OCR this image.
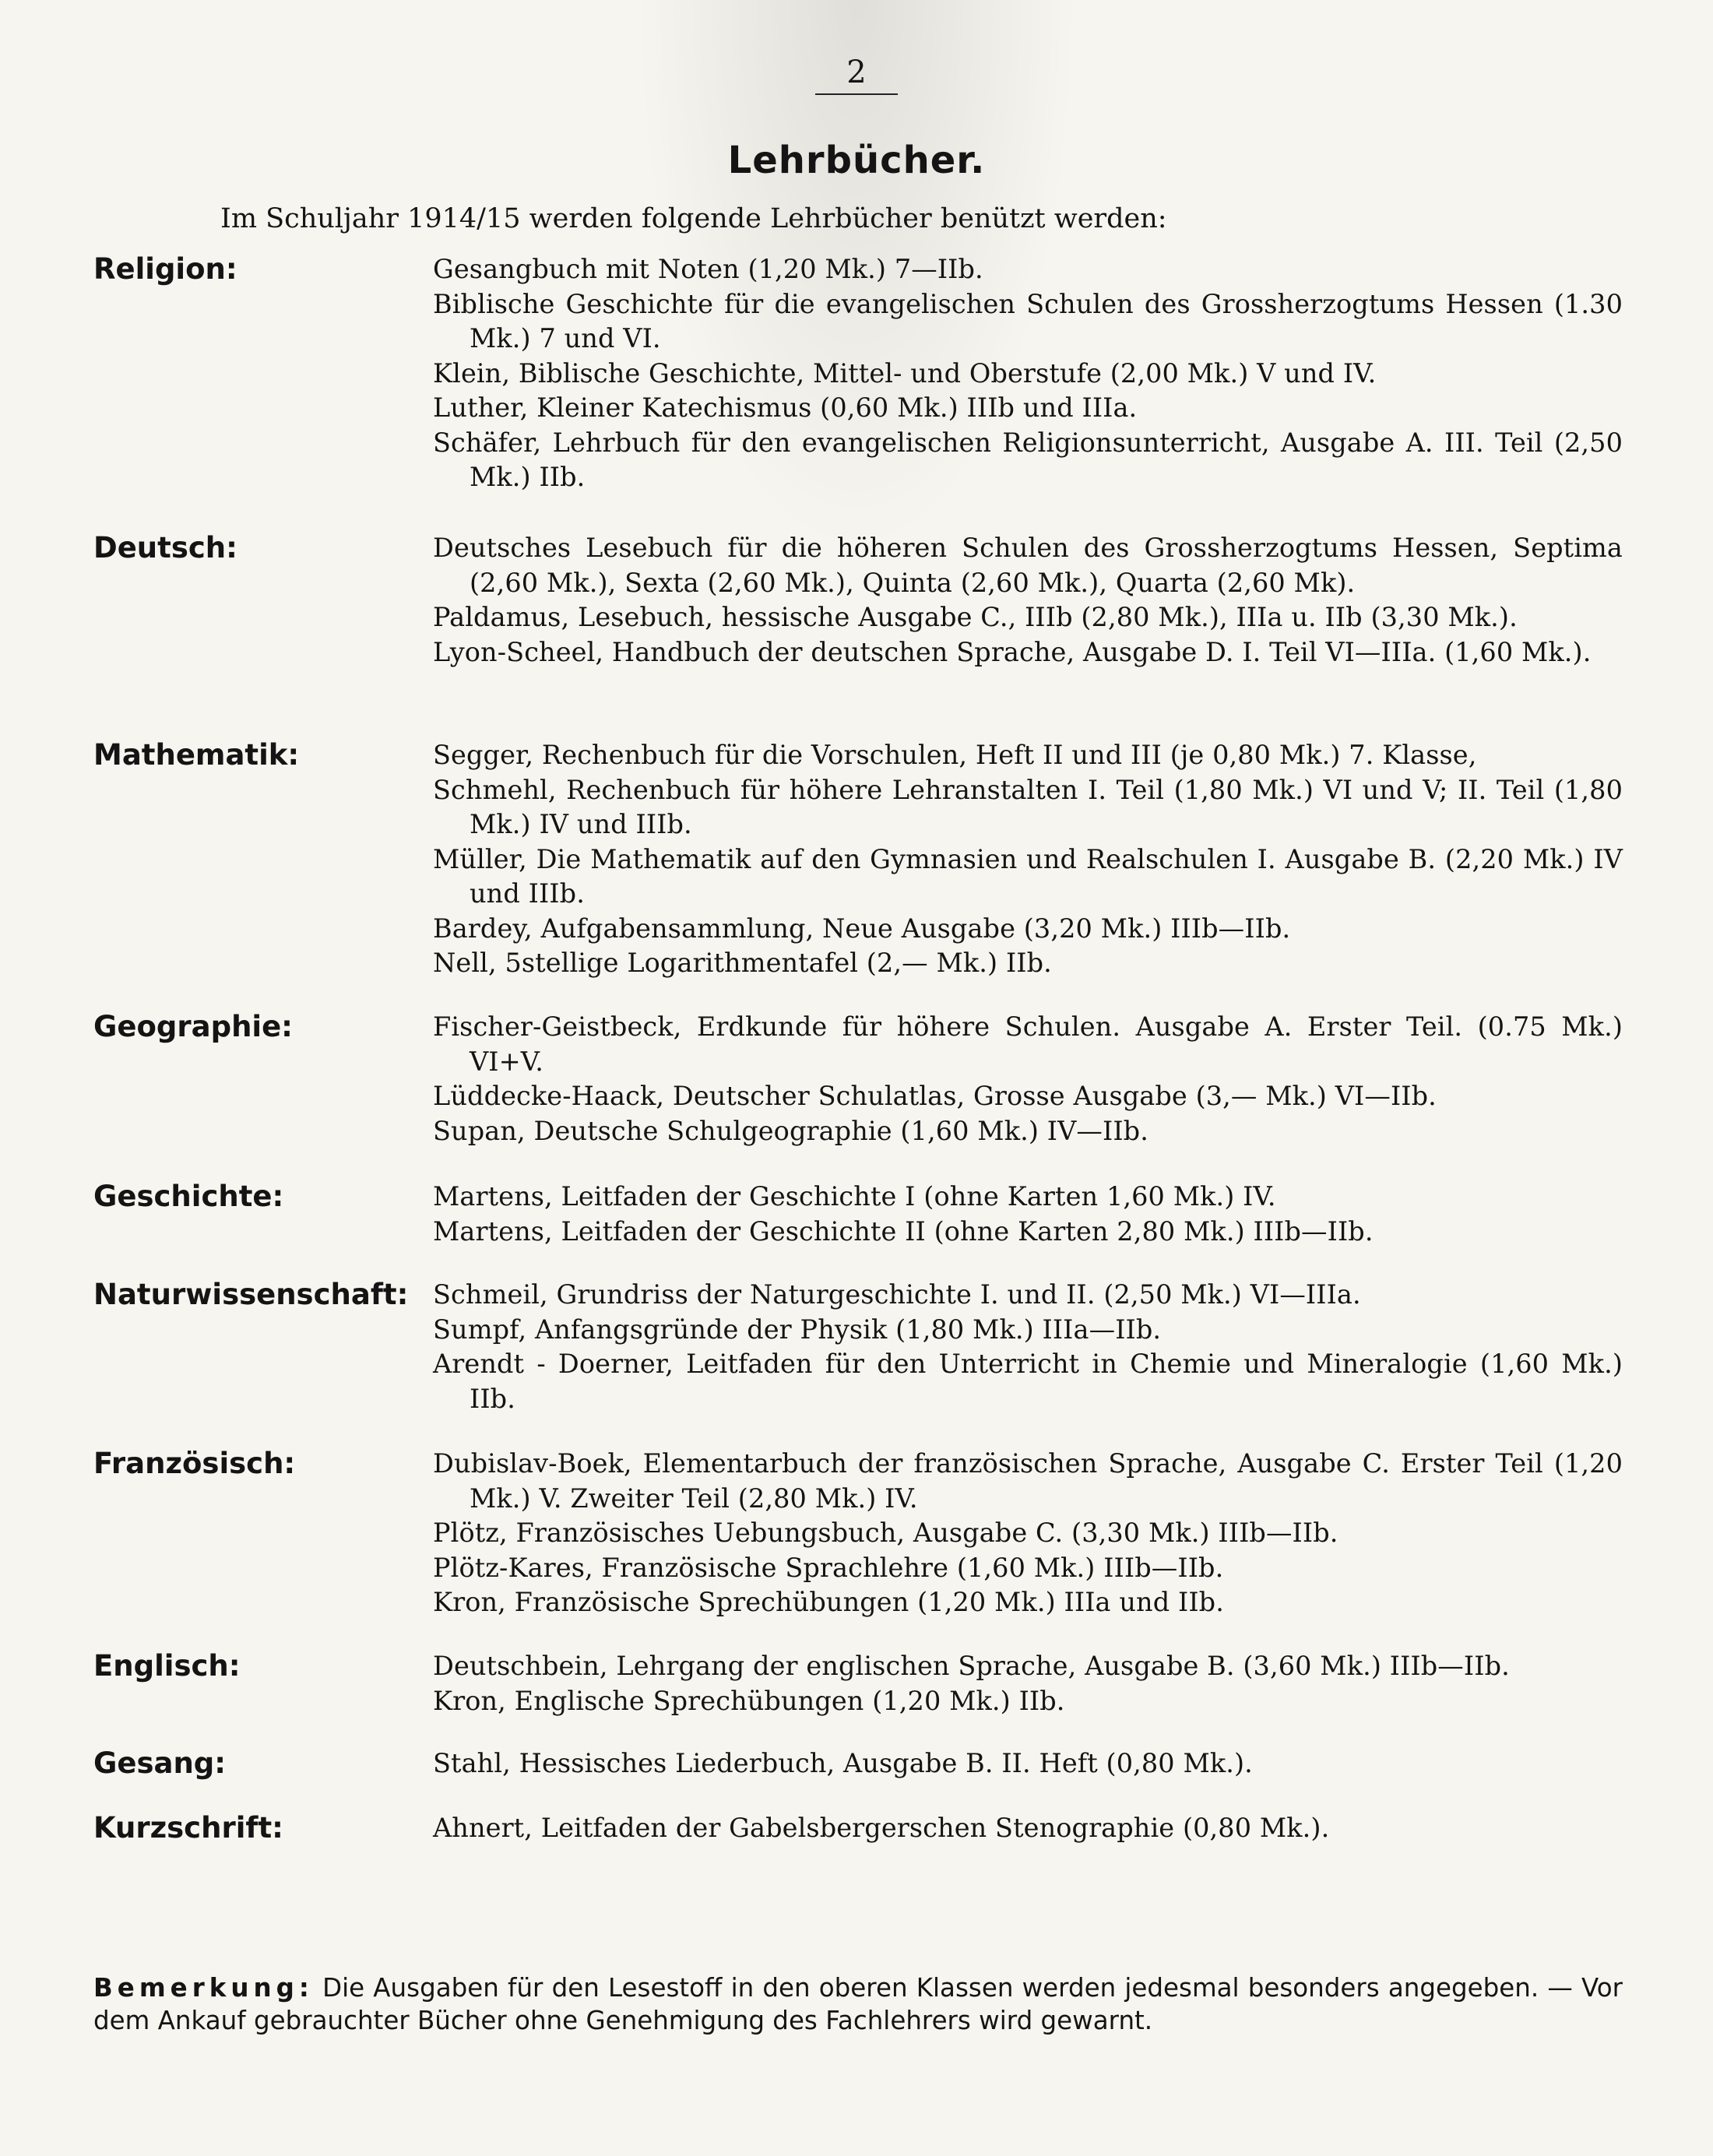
2
Lehrbücher.
Im Schuljahr 1914/15 werden folgende Lehrbücher benützt werden:
Religion:	Gesangbuch mit Noten (1,20 Mk.) 7—IIb.
Biblische Geschichte für die evangelischen Schulen des Grossherzogtums Hessen (1.30 Mk.) 7 und VI.
Klein, Biblische Geschichte, Mittel- und Oberstufe (2,00 Mk.) V und IV.
Luther, Kleiner Katechismus (0,60 Mk.) IIIb und IIIa.
Schäfer, Lehrbuch für den evangelischen Religionsunterricht, Ausgabe A. III. Teil (2,50 Mk.) IIb.
Deutsch:	Deutsches Lesebuch für die höheren Schulen des Grossherzogtums Hessen, Septima (2,60 Mk.), Sexta (2,60 Mk.), Quinta (2,60 Mk.), Quarta (2,60 Mk).
Paldamus, Lesebuch, hessische Ausgabe C., IIIb (2,80 Mk.), IIIa u. IIb (3,30 Mk.).
Lyon-Scheel, Handbuch der deutschen Sprache, Ausgabe D. I. Teil VI—IIIa. (1,60 Mk.).
Mathematik:	Segger, Rechenbuch für die Vorschulen, Heft II und III (je 0,80 Mk.) 7. Klasse,
Schmehl, Rechenbuch für höhere Lehranstalten I. Teil (1,80 Mk.) VI und V; II. Teil (1,80 Mk.) IV und IIIb.
Müller, Die Mathematik auf den Gymnasien und Realschulen I. Ausgabe B. (2,20 Mk.) IV und IIIb.
Bardey, Aufgabensammlung, Neue Ausgabe (3,20 Mk.) IIIb—IIb.
Nell, 5stellige Logarithmentafel (2,— Mk.) IIb.
Geographie:	Fischer-Geistbeck, Erdkunde für höhere Schulen. Ausgabe A. Erster Teil. (0.75 Mk.) VI+V.
Lüddecke-Haack, Deutscher Schulatlas, Grosse Ausgabe (3,— Mk.) VI—IIb.
Supan, Deutsche Schulgeographie (1,60 Mk.) IV—IIb.
Geschichte:	Martens, Leitfaden der Geschichte I (ohne Karten 1,60 Mk.) IV.
Martens, Leitfaden der Geschichte II (ohne Karten 2,80 Mk.) IIIb—IIb.
Naturwissenschaft: Schmeil, Grundriss der Naturgeschichte I. und II. (2,50 Mk.) VI—IIIa.
Sumpf, Anfangsgründe der Physik (1,80 Mk.) IIIa—IIb.
Arendt - Doerner, Leitfaden für den Unterricht in Chemie und Mineralogie (1,60 Mk.) IIb.
Französisch:	Dubislav-Boek, Elementarbuch der französischen Sprache, Ausgabe C. Erster Teil (1,20 Mk.) V. Zweiter Teil (2,80 Mk.) IV.
Plötz, Französisches Uebungsbuch, Ausgabe C. (3,30 Mk.) IIIb—IIb.
Plötz-Kares, Französische Sprachlehre (1,60 Mk.) IIIb—IIb.
Kron, Französische Sprechübungen (1,20 Mk.) IIIa und IIb.
Englisch:	Deutschbein, Lehrgang der englischen Sprache, Ausgabe B. (3,60 Mk.) IIIb—IIb.
Kron, Englische Sprechübungen (1,20 Mk.) IIb.
Gesang:	Stahl, Hessisches Liederbuch, Ausgabe B. II. Heft (0,80 Mk.).
Kurzschrift:	Ahnert, Leitfaden der Gabelsbergerschen Stenographie (0,80 Mk.).
Bemerkung: Die Ausgaben für den Lesestoff in den oberen Klassen werden jedesmal besonders angegeben. — Vor dem Ankauf gebrauchter Bücher ohne Genehmigung des Fachlehrers wird gewarnt.
